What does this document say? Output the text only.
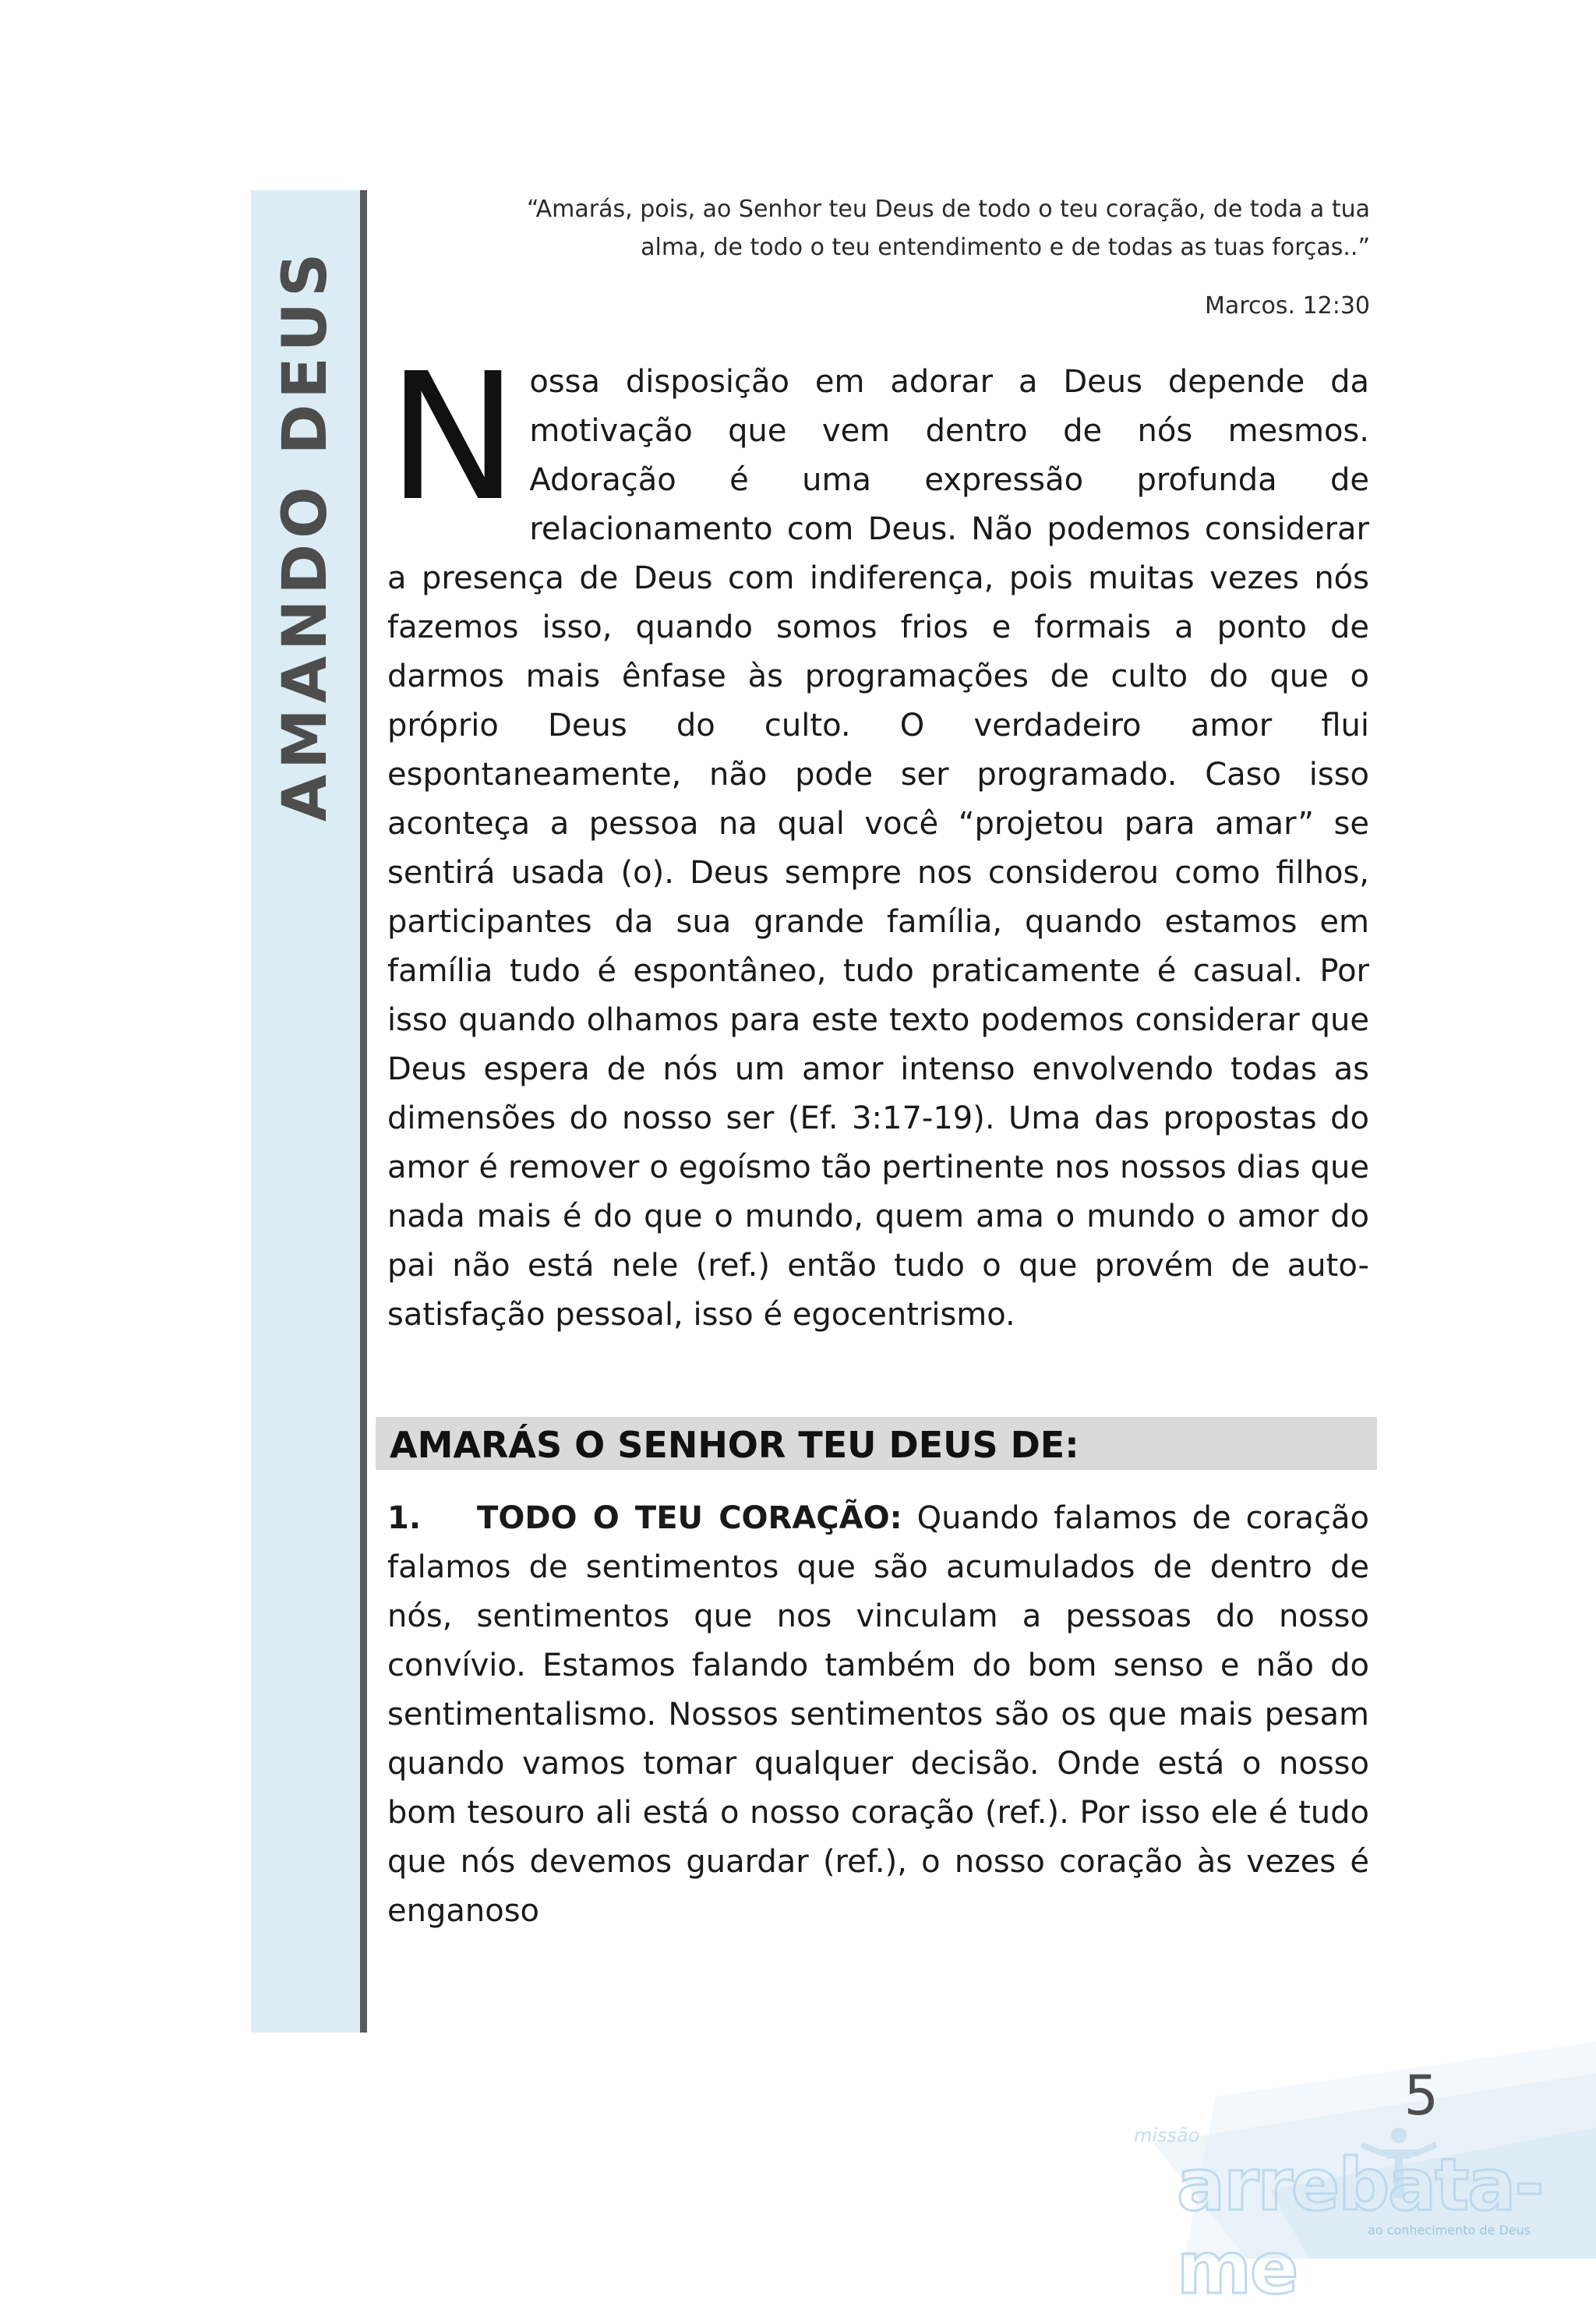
AMANDO DEUS
“Amarás, pois, ao Senhor teu Deus de todo o teu coração, de toda a tua
alma, de todo o teu entendimento e de todas as tuas forças..”
Marcos. 12:30
N ossa disposição em adorar a Deus depende da motivação que vem dentro de nós mesmos. Adoração é uma expressão profunda de relacionamento com Deus. Não podemos considerar a presença de Deus com indiferença, pois muitas vezes nós fazemos isso, quando somos frios e formais a ponto de darmos mais ênfase às programações de culto do que o próprio Deus do culto. O verdadeiro amor flui espontaneamente, não pode ser programado. Caso isso aconteça a pessoa na qual você “projetou para amar” se sentirá usada (o). Deus sempre nos considerou como filhos, participantes da sua grande família, quando estamos em família tudo é espontâneo, tudo praticamente é casual. Por isso quando olhamos para este texto podemos considerar que Deus espera de nós um amor intenso envolvendo todas as dimensões do nosso ser (Ef. 3:17-19). Uma das propostas do amor é remover o egoísmo tão pertinente nos nossos dias que nada mais é do que o mundo, quem ama o mundo o amor do pai não está nele (ref.) então tudo o que provém de auto-satisfação pessoal, isso é egocentrismo.
AMARÁS O SENHOR TEU DEUS DE:
1. TODO O TEU CORAÇÃO: Quando falamos de coração falamos de sentimentos que são acumulados de dentro de nós, sentimentos que nos vinculam a pessoas do nosso convívio. Estamos falando também do bom senso e não do sentimentalismo. Nossos sentimentos são os que mais pesam quando vamos tomar qualquer decisão. Onde está o nosso bom tesouro ali está o nosso coração (ref.). Por isso ele é tudo que nós devemos guardar (ref.), o nosso coração às vezes é enganoso
missão
arrebata-me	ao conhecimento de Deus
5
